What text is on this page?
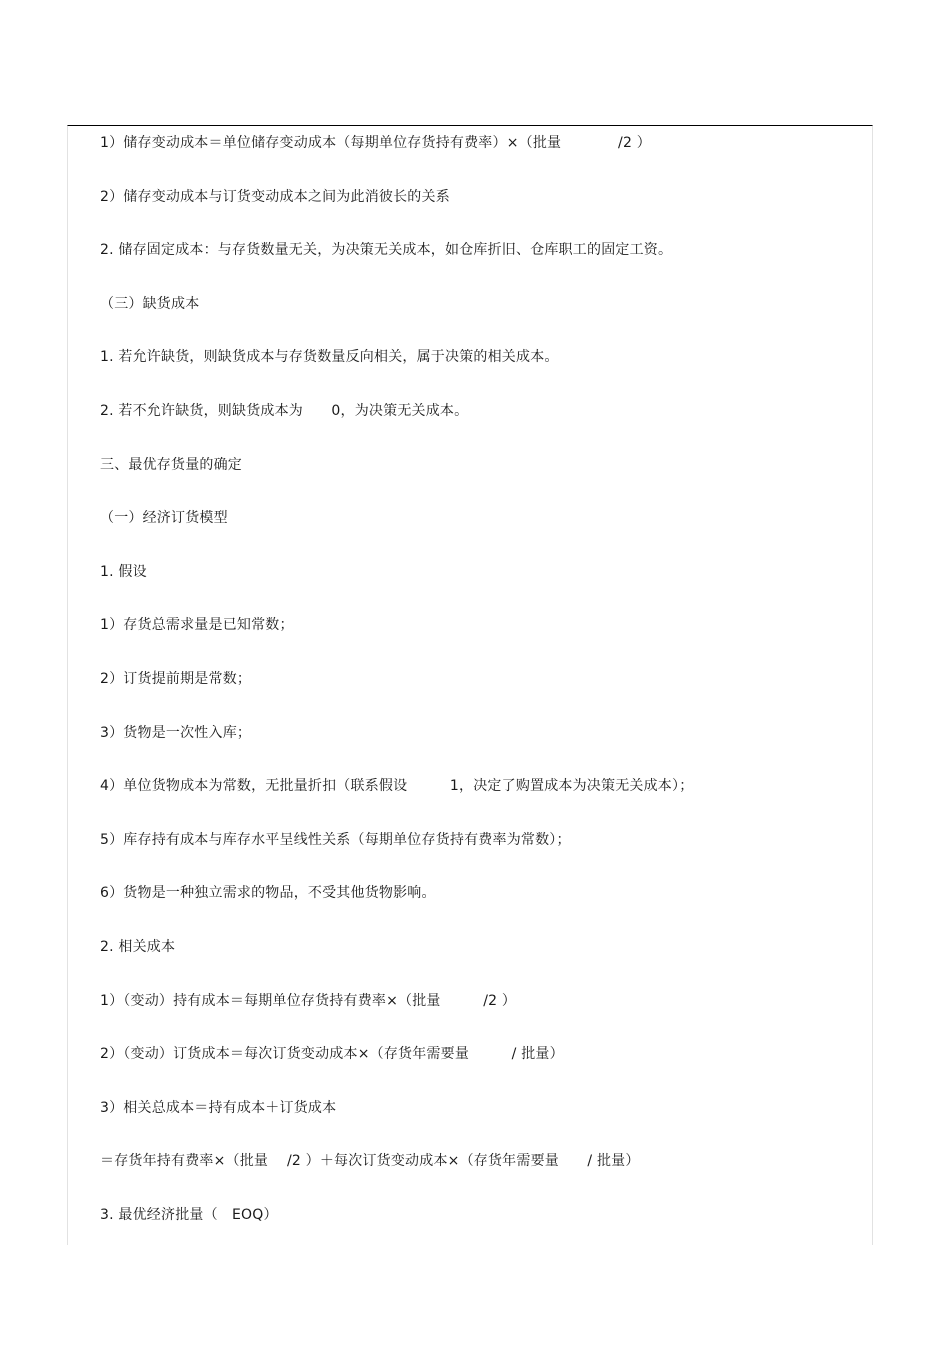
1）储存变动成本＝单位储存变动成本（每期单位存货持有费率）×（批量　　　　/2 ）
2）储存变动成本与订货变动成本之间为此消彼长的关系
2. 储存固定成本：与存货数量无关，为决策无关成本，如仓库折旧、仓库职工的固定工资。
（三）缺货成本
1. 若允许缺货，则缺货成本与存货数量反向相关，属于决策的相关成本。
2. 若不允许缺货，则缺货成本为　　0，为决策无关成本。
三、最优存货量的确定
（一）经济订货模型
1. 假设
1）存货总需求量是已知常数；
2）订货提前期是常数；
3）货物是一次性入库；
4）单位货物成本为常数，无批量折扣（联系假设　　　1，决定了购置成本为决策无关成本）；
5）库存持有成本与库存水平呈线性关系（每期单位存货持有费率为常数）；
6）货物是一种独立需求的物品，不受其他货物影响。
2. 相关成本
1）（变动）持有成本＝每期单位存货持有费率×（批量　　　/2 ）
2）（变动）订货成本＝每次订货变动成本×（存货年需要量　　　/ 批量）
3）相关总成本＝持有成本＋订货成本
＝存货年持有费率×（批量　 /2 ）＋每次订货变动成本×（存货年需要量　　/ 批量）
3. 最优经济批量（　EOQ）
